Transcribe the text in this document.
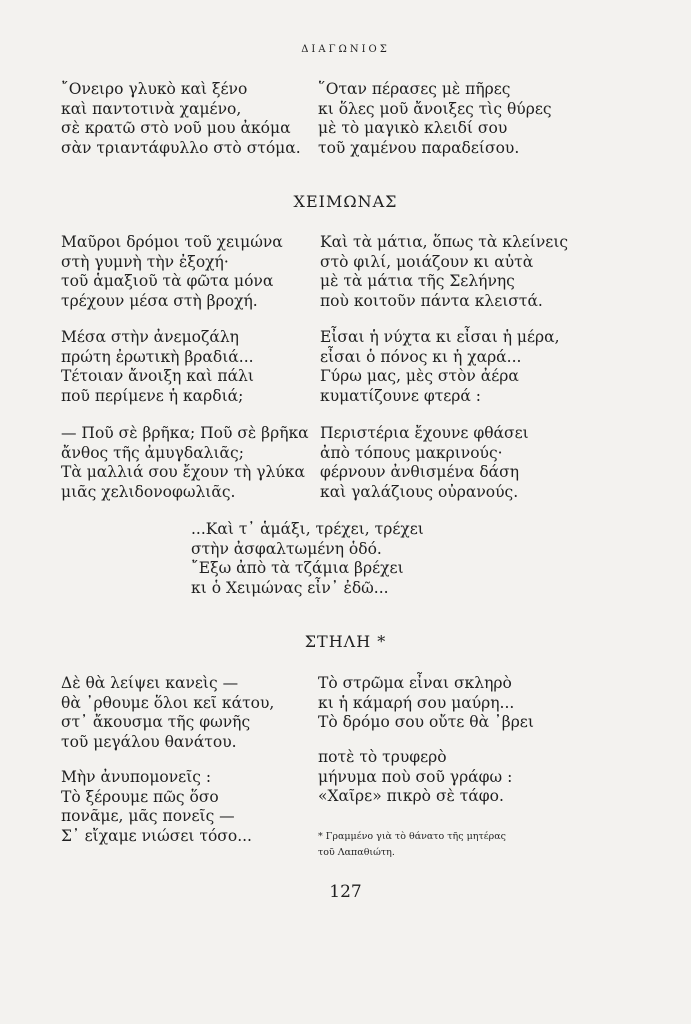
ΔΙΑΓΩΝΙΟΣ
῎Ονειρο γλυκὸ καὶ ξένο
καὶ παντοτινὰ χαμένο,
σὲ κρατῶ στὸ νοῦ μου ἀκόμα
σὰν τριαντάφυλλο στὸ στόμα.
῞Οταν πέρασες μὲ πῆρες
κι ὅλες μοῦ ἄνοιξες τὶς θύρες
μὲ τὸ μαγικὸ κλειδί σου
τοῦ χαμένου παραδείσου.
ΧΕΙΜΩΝΑΣ
Μαῦροι δρόμοι τοῦ χειμώνα
στὴ γυμνὴ τὴν ἐξοχή·
τοῦ ἁμαξιοῦ τὰ φῶτα μόνα
τρέχουν μέσα στὴ βροχή.
Καὶ τὰ μάτια, ὅπως τὰ κλείνεις
στὸ φιλί, μοιάζουν κι αὐτὰ
μὲ τὰ μάτια τῆς Σελήνης
ποὺ κοιτοῦν πάντα κλειστά.
Μέσα στὴν ἀνεμοζάλη
πρώτη ἐρωτικὴ βραδιά...
Τέτοιαν ἄνοιξη καὶ πάλι
ποῦ περίμενε ἡ καρδιά;
Εἶσαι ἡ νύχτα κι εἶσαι ἡ μέρα,
εἶσαι ὁ πόνος κι ἡ χαρά...
Γύρω μας, μὲς στὸν ἀέρα
κυματίζουνε φτερά :
— Ποῦ σὲ βρῆκα; Ποῦ σὲ βρῆκα
ἄνθος τῆς ἀμυγδαλιᾶς;
Τὰ μαλλιά σου ἔχουν τὴ γλύκα
μιᾶς χελιδονοφωλιᾶς.
Περιστέρια ἔχουνε φθάσει
ἀπὸ τόπους μακρινούς·
φέρνουν ἀνθισμένα δάση
καὶ γαλάζιους οὐρανούς.
...Καὶ τ᾿ ἁμάξι, τρέχει, τρέχει
στὴν ἀσφαλτωμένη ὁδό.
῎Εξω ἀπὸ τὰ τζάμια βρέχει
κι ὁ Χειμώνας εἶν᾿ ἐδῶ...
ΣΤΗΛΗ *
Δὲ θὰ λείψει κανεὶς —
θὰ ᾿ρθουμε ὅλοι κεῖ κάτου,
στ᾿ ἄκουσμα τῆς φωνῆς
τοῦ μεγάλου θανάτου.
Τὸ στρῶμα εἶναι σκληρὸ
κι ἡ κάμαρή σου μαύρη...
Τὸ δρόμο σου οὔτε θὰ ᾿βρει
Μὴν ἀνυπομονεῖς :
Τὸ ξέρουμε πῶς ὅσο
πονᾶμε, μᾶς πονεῖς —
Σ᾿ εἴχαμε νιώσει τόσο...
ποτὲ τὸ τρυφερὸ
μήνυμα ποὺ σοῦ γράφω :
«Χαῖρε» πικρὸ σὲ τάφο.
* Γραμμένο γιὰ τὸ θάνατο τῆς μητέρας
τοῦ Λαπαθιώτη.
127
